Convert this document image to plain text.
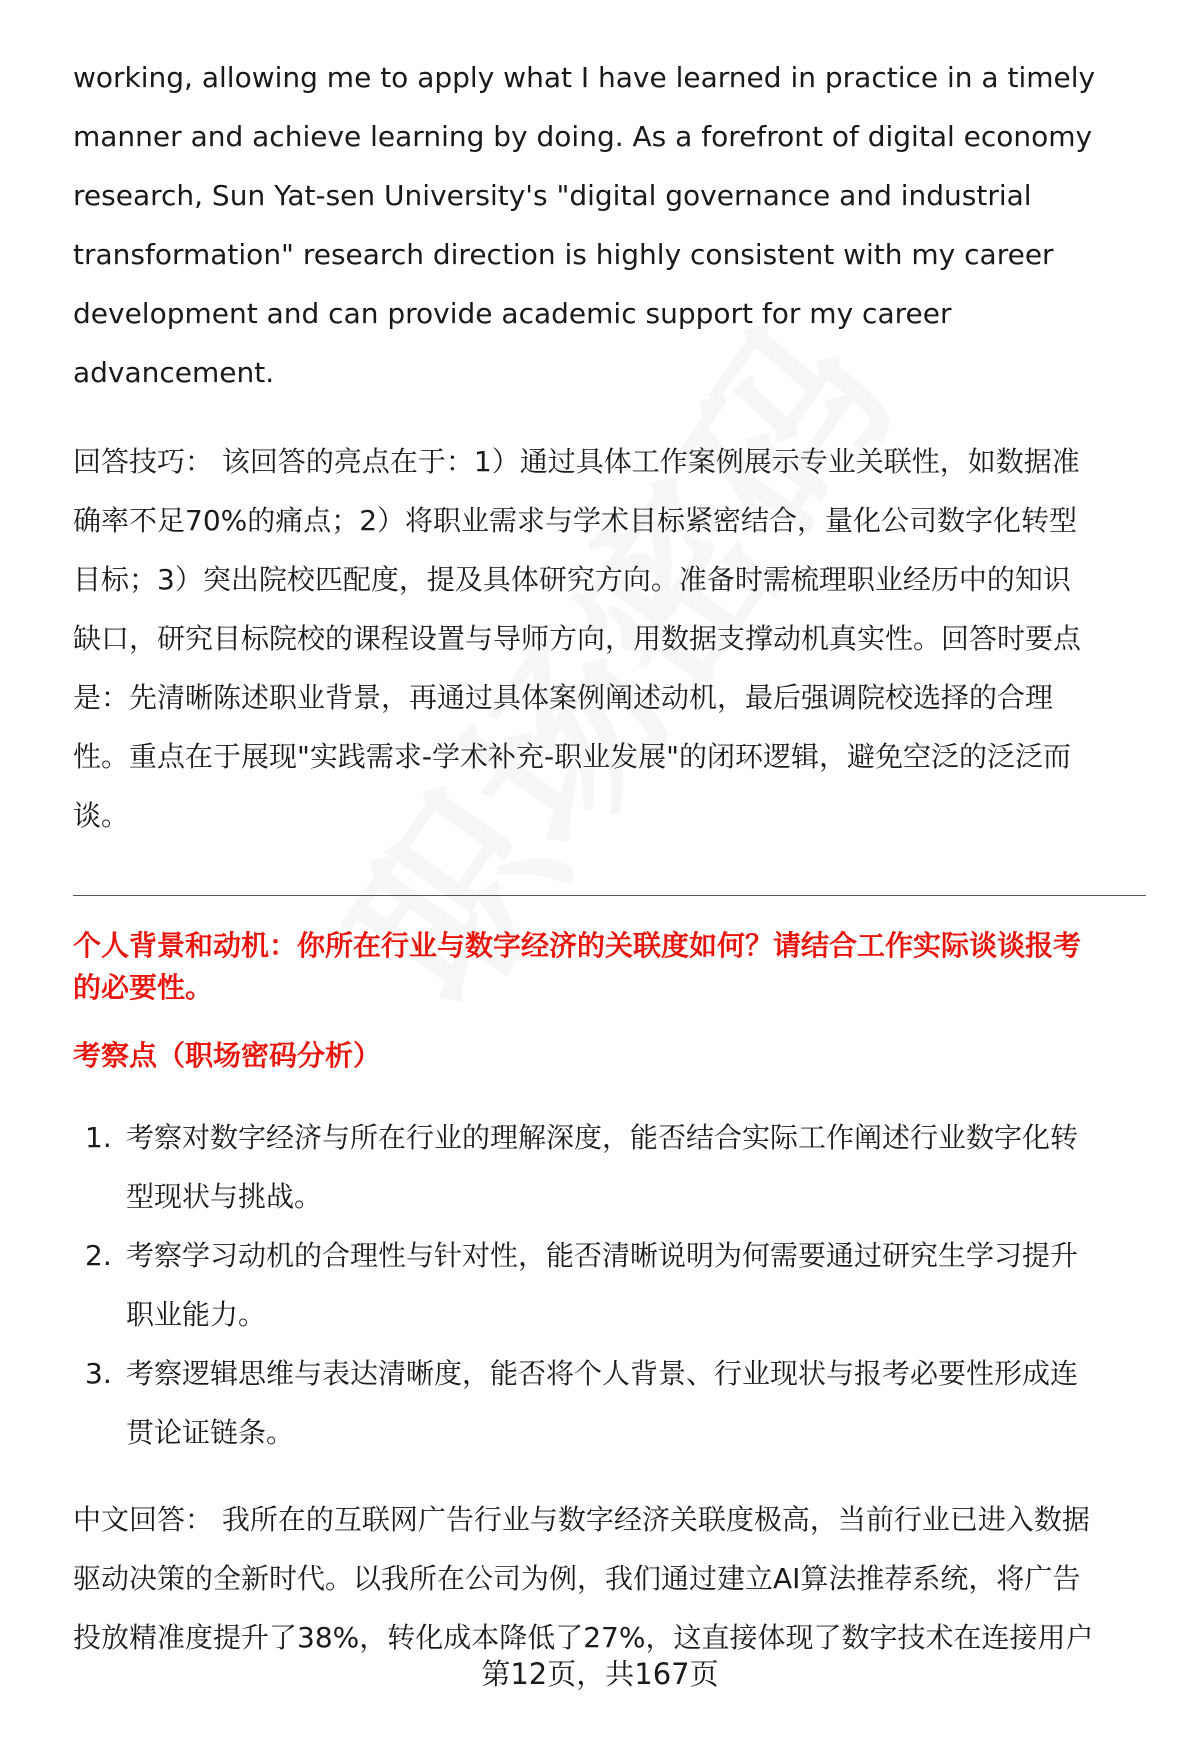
working, allowing me to apply what I have learned in practice in a timely
manner and achieve learning by doing. As a forefront of digital economy
research, Sun Yat-sen University's "digital governance and industrial
transformation" research direction is highly consistent with my career
development and can provide academic support for my career
advancement.
回答技巧： 该回答的亮点在于：1）通过具体工作案例展示专业关联性，如数据准
确率不足70%的痛点；2）将职业需求与学术目标紧密结合，量化公司数字化转型
目标；3）突出院校匹配度，提及具体研究方向。准备时需梳理职业经历中的知识
缺口，研究目标院校的课程设置与导师方向，用数据支撑动机真实性。回答时要点
是：先清晰陈述职业背景，再通过具体案例阐述动机，最后强调院校选择的合理
性。重点在于展现"实践需求-学术补充-职业发展"的闭环逻辑，避免空泛的泛泛而
谈。
个人背景和动机：你所在行业与数字经济的关联度如何？请结合工作实际谈谈报考
的必要性。
考察点（职场密码分析）
1. 考察对数字经济与所在行业的理解深度，能否结合实际工作阐述行业数字化转
型现状与挑战。
2. 考察学习动机的合理性与针对性，能否清晰说明为何需要通过研究生学习提升
职业能力。
3. 考察逻辑思维与表达清晰度，能否将个人背景、行业现状与报考必要性形成连
贯论证链条。
中文回答： 我所在的互联网广告行业与数字经济关联度极高，当前行业已进入数据
驱动决策的全新时代。以我所在公司为例，我们通过建立AI算法推荐系统，将广告
投放精准度提升了38%，转化成本降低了27%，这直接体现了数字技术在连接用户
第12页，共167页
